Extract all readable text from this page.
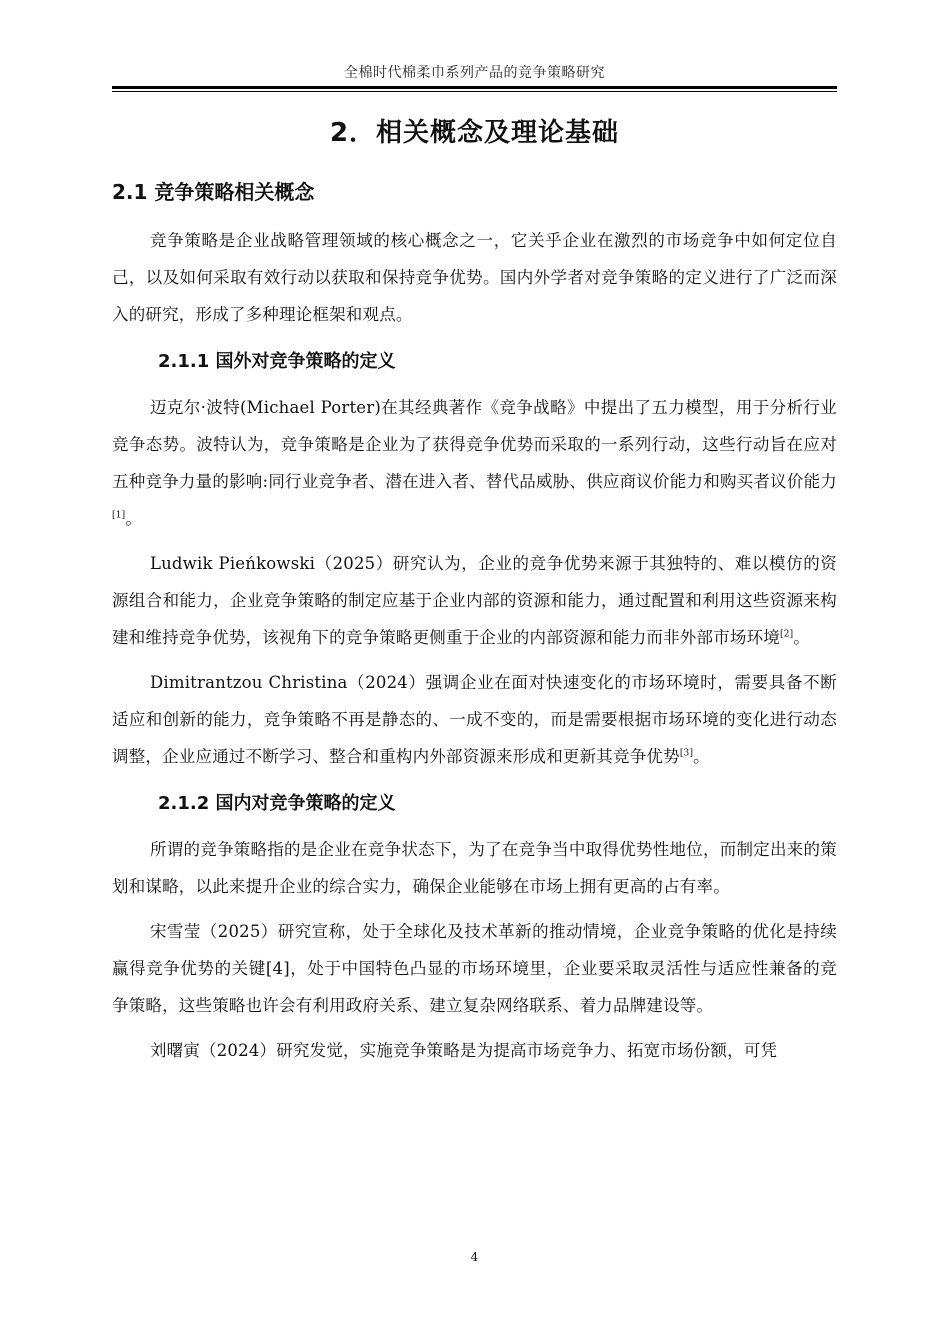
全棉时代棉柔巾系列产品的竞争策略研究
2．相关概念及理论基础
2.1 竞争策略相关概念

竞争策略是企业战略管理领域的核心概念之一，它关乎企业在激烈的市场竞争中如何定位自己，以及如何采取有效行动以获取和保持竞争优势。国内外学者对竞争策略的定义进行了广泛而深入的研究，形成了多种理论框架和观点。

2.1.1 国外对竞争策略的定义

迈克尔·波特(Michael Porter)在其经典著作《竞争战略》中提出了五力模型，用于分析行业竞争态势。波特认为，竞争策略是企业为了获得竞争优势而采取的一系列行动，这些行动旨在应对五种竞争力量的影响:同行业竞争者、潜在进入者、替代品威胁、供应商议价能力和购买者议价能力[1]。

Ludwik Pieńkowski（2025）研究认为，企业的竞争优势来源于其独特的、难以模仿的资源组合和能力，企业竞争策略的制定应基于企业内部的资源和能力，通过配置和利用这些资源来构建和维持竞争优势，该视角下的竞争策略更侧重于企业的内部资源和能力而非外部市场环境[2]。

Dimitrantzou Christina（2024）强调企业在面对快速变化的市场环境时，需要具备不断适应和创新的能力，竞争策略不再是静态的、一成不变的，而是需要根据市场环境的变化进行动态调整，企业应通过不断学习、整合和重构内外部资源来形成和更新其竞争优势[3]。

2.1.2 国内对竞争策略的定义

所谓的竞争策略指的是企业在竞争状态下，为了在竞争当中取得优势性地位，而制定出来的策划和谋略，以此来提升企业的综合实力，确保企业能够在市场上拥有更高的占有率。

宋雪莹（2025）研究宣称，处于全球化及技术革新的推动情境，企业竞争策略的优化是持续赢得竞争优势的关键[4]，处于中国特色凸显的市场环境里，企业要采取灵活性与适应性兼备的竞争策略，这些策略也许会有利用政府关系、建立复杂网络联系、着力品牌建设等。

刘曙寅（2024）研究发觉，实施竞争策略是为提高市场竞争力、拓宽市场份额，可凭

4
